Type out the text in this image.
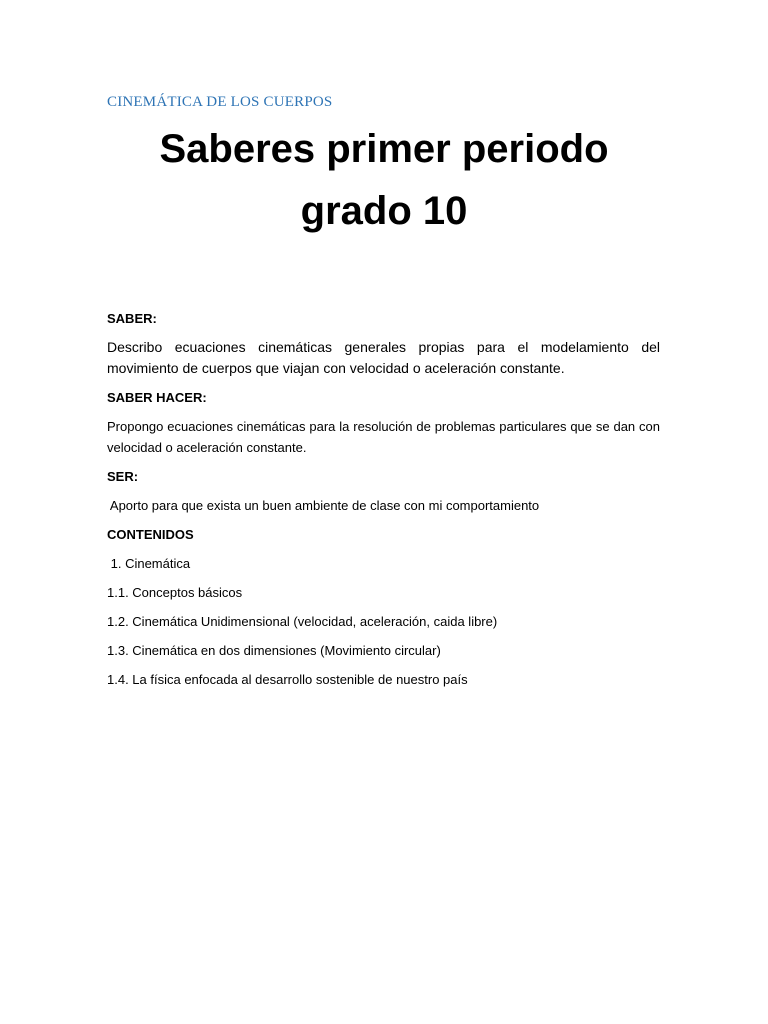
CINEMÁTICA DE LOS CUERPOS
Saberes primer periodo
grado 10
SABER:
Describo ecuaciones cinemáticas generales propias para el modelamiento del movimiento de cuerpos que viajan con velocidad o aceleración constante.
SABER HACER:
Propongo ecuaciones cinemáticas para la resolución de problemas particulares que se dan con velocidad o aceleración constante.
SER:
Aporto para que exista un buen ambiente de clase con mi comportamiento
CONTENIDOS
1. Cinemática
1.1. Conceptos básicos
1.2. Cinemática Unidimensional (velocidad, aceleración, caida libre)
1.3. Cinemática en dos dimensiones (Movimiento circular)
1.4. La física enfocada al desarrollo sostenible de nuestro país
